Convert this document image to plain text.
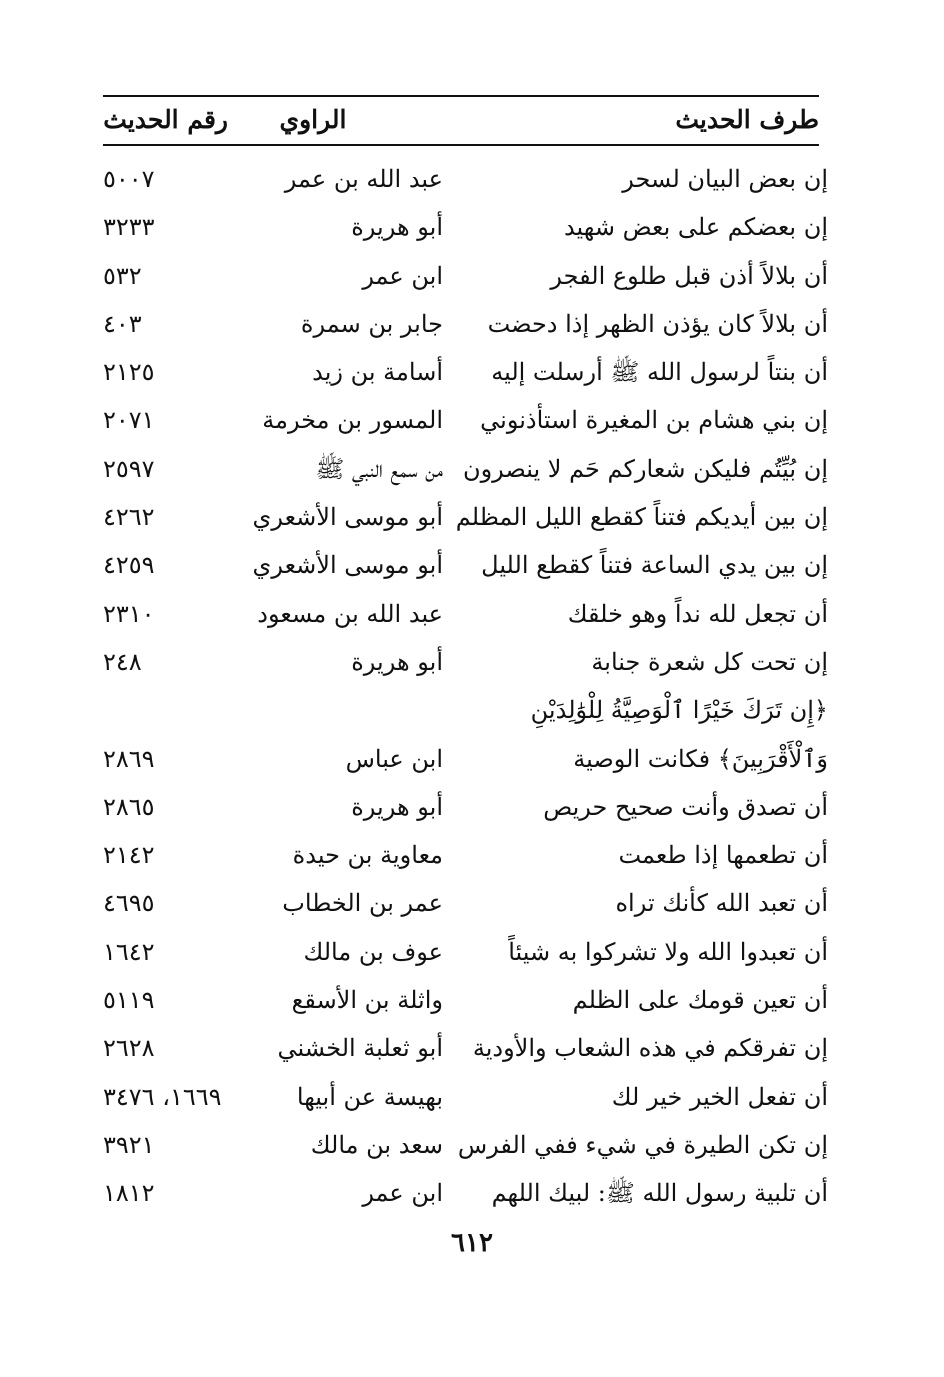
طرف الحديث
الراوي
رقم الحديث
إن بعض البيان لسحر
عبد الله بن عمر
٥٠٠٧
إن بعضكم على بعض شهيد
أبو هريرة
٣٢٣٣
أن بلالاً أذن قبل طلوع الفجر
ابن عمر
٥٣٢
أن بلالاً كان يؤذن الظهر إذا دحضت
جابر بن سمرة
٤٠٣
أن بنتاً لرسول الله ﷺ أرسلت إليه
أسامة بن زيد
٢١٢٥
إن بني هشام بن المغيرة استأذنوني
المسور بن مخرمة
٢٠٧١
إن بُيِّتُم فليكن شعاركم حَم لا ينصرون
من سمع النبي ﷺ
٢٥٩٧
إن بين أيديكم فتناً كقطع الليل المظلم
أبو موسى الأشعري
٤٢٦٢
إن بين يدي الساعة فتناً كقطع الليل
أبو موسى الأشعري
٤٢٥٩
أن تجعل لله نداً وهو خلقك
عبد الله بن مسعود
٢٣١٠
إن تحت كل شعرة جنابة
أبو هريرة
٢٤٨
﴿إِن تَرَكَ خَيْرًا ٱلْوَصِيَّةُ لِلْوَٰلِدَيْنِ
وَٱلْأَقْرَبِينَ﴾ فكانت الوصية
ابن عباس
٢٨٦٩
أن تصدق وأنت صحيح حريص
أبو هريرة
٢٨٦٥
أن تطعمها إذا طعمت
معاوية بن حيدة
٢١٤٢
أن تعبد الله كأنك تراه
عمر بن الخطاب
٤٦٩٥
أن تعبدوا الله ولا تشركوا به شيئاً
عوف بن مالك
١٦٤٢
أن تعين قومك على الظلم
واثلة بن الأسقع
٥١١٩
إن تفرقكم في هذه الشعاب والأودية
أبو ثعلبة الخشني
٢٦٢٨
أن تفعل الخير خير لك
بهيسة عن أبيها
١٦٦٩، ٣٤٧٦
إن تكن الطيرة في شيء ففي الفرس
سعد بن مالك
٣٩٢١
أن تلبية رسول الله ﷺ: لبيك اللهم
ابن عمر
١٨١٢
٦١٢
